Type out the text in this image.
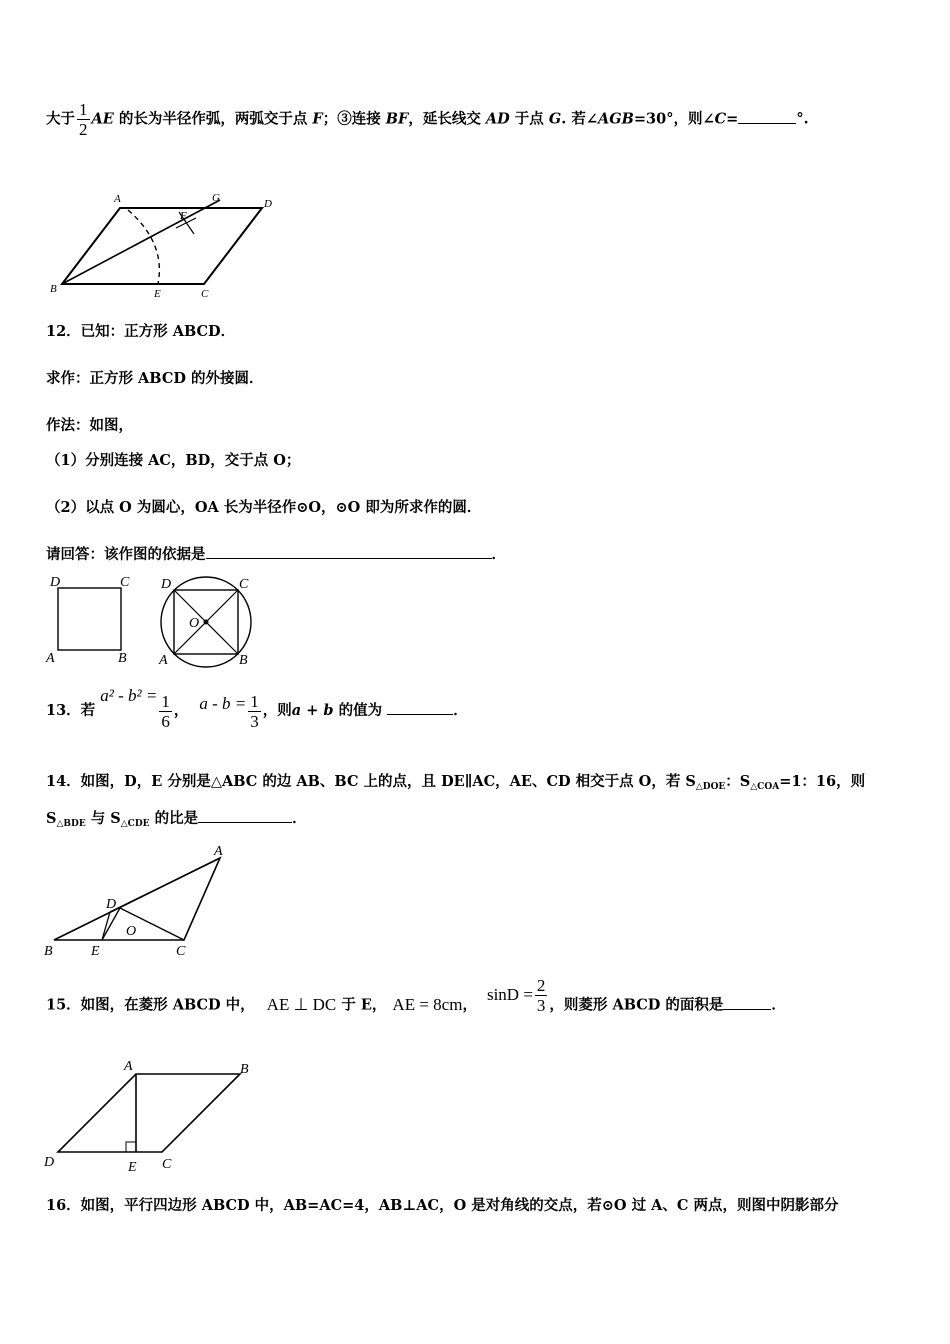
大于 $\frac{1}{2}$ AE 的长为半径作弧，两弧交于点 F；③连接 BF，延长线交 AD 于点 G. 若∠AGB=30°，则∠C=	°.
A	G	D
F
B	E	C
12．已知：正方形 ABCD．
求作：正方形 ABCD 的外接圆．
作法：如图，
（1）分别连接 AC，BD，交于点 O；
（2）以点 O 为圆心，OA 长为半径作⊙O，⊙O 即为所求作的圆．
请回答：该作图的依据是	．
D	C
A	B
D	C
A	B
O
13．若 $a^2 - b^2 = \frac{1}{6}$ ， $a - b = \frac{1}{3}$ ，则a + b 的值为	．
14．如图，D，E 分别是△ABC 的边 AB、BC 上的点，且 DE∥AC，AE、CD 相交于点 O，若 $S_{\triangle DOE}$：$S_{\triangle COA}=1$：16，则
$S_{\triangle BDE}$ 与 $S_{\triangle CDE}$ 的比是	．
A
D
O
B	E	C
15．如图，在菱形 ABCD 中， AE ⊥ DC 于 E， AE = 8cm，$\sin D = \frac{2}{3}$ ，则菱形 ABCD 的面积是	．
A	B
D	E C
16．如图，平行四边形 ABCD 中，AB=AC=4，AB⊥AC，O 是对角线的交点，若⊙O 过 A、C 两点，则图中阴影部分
